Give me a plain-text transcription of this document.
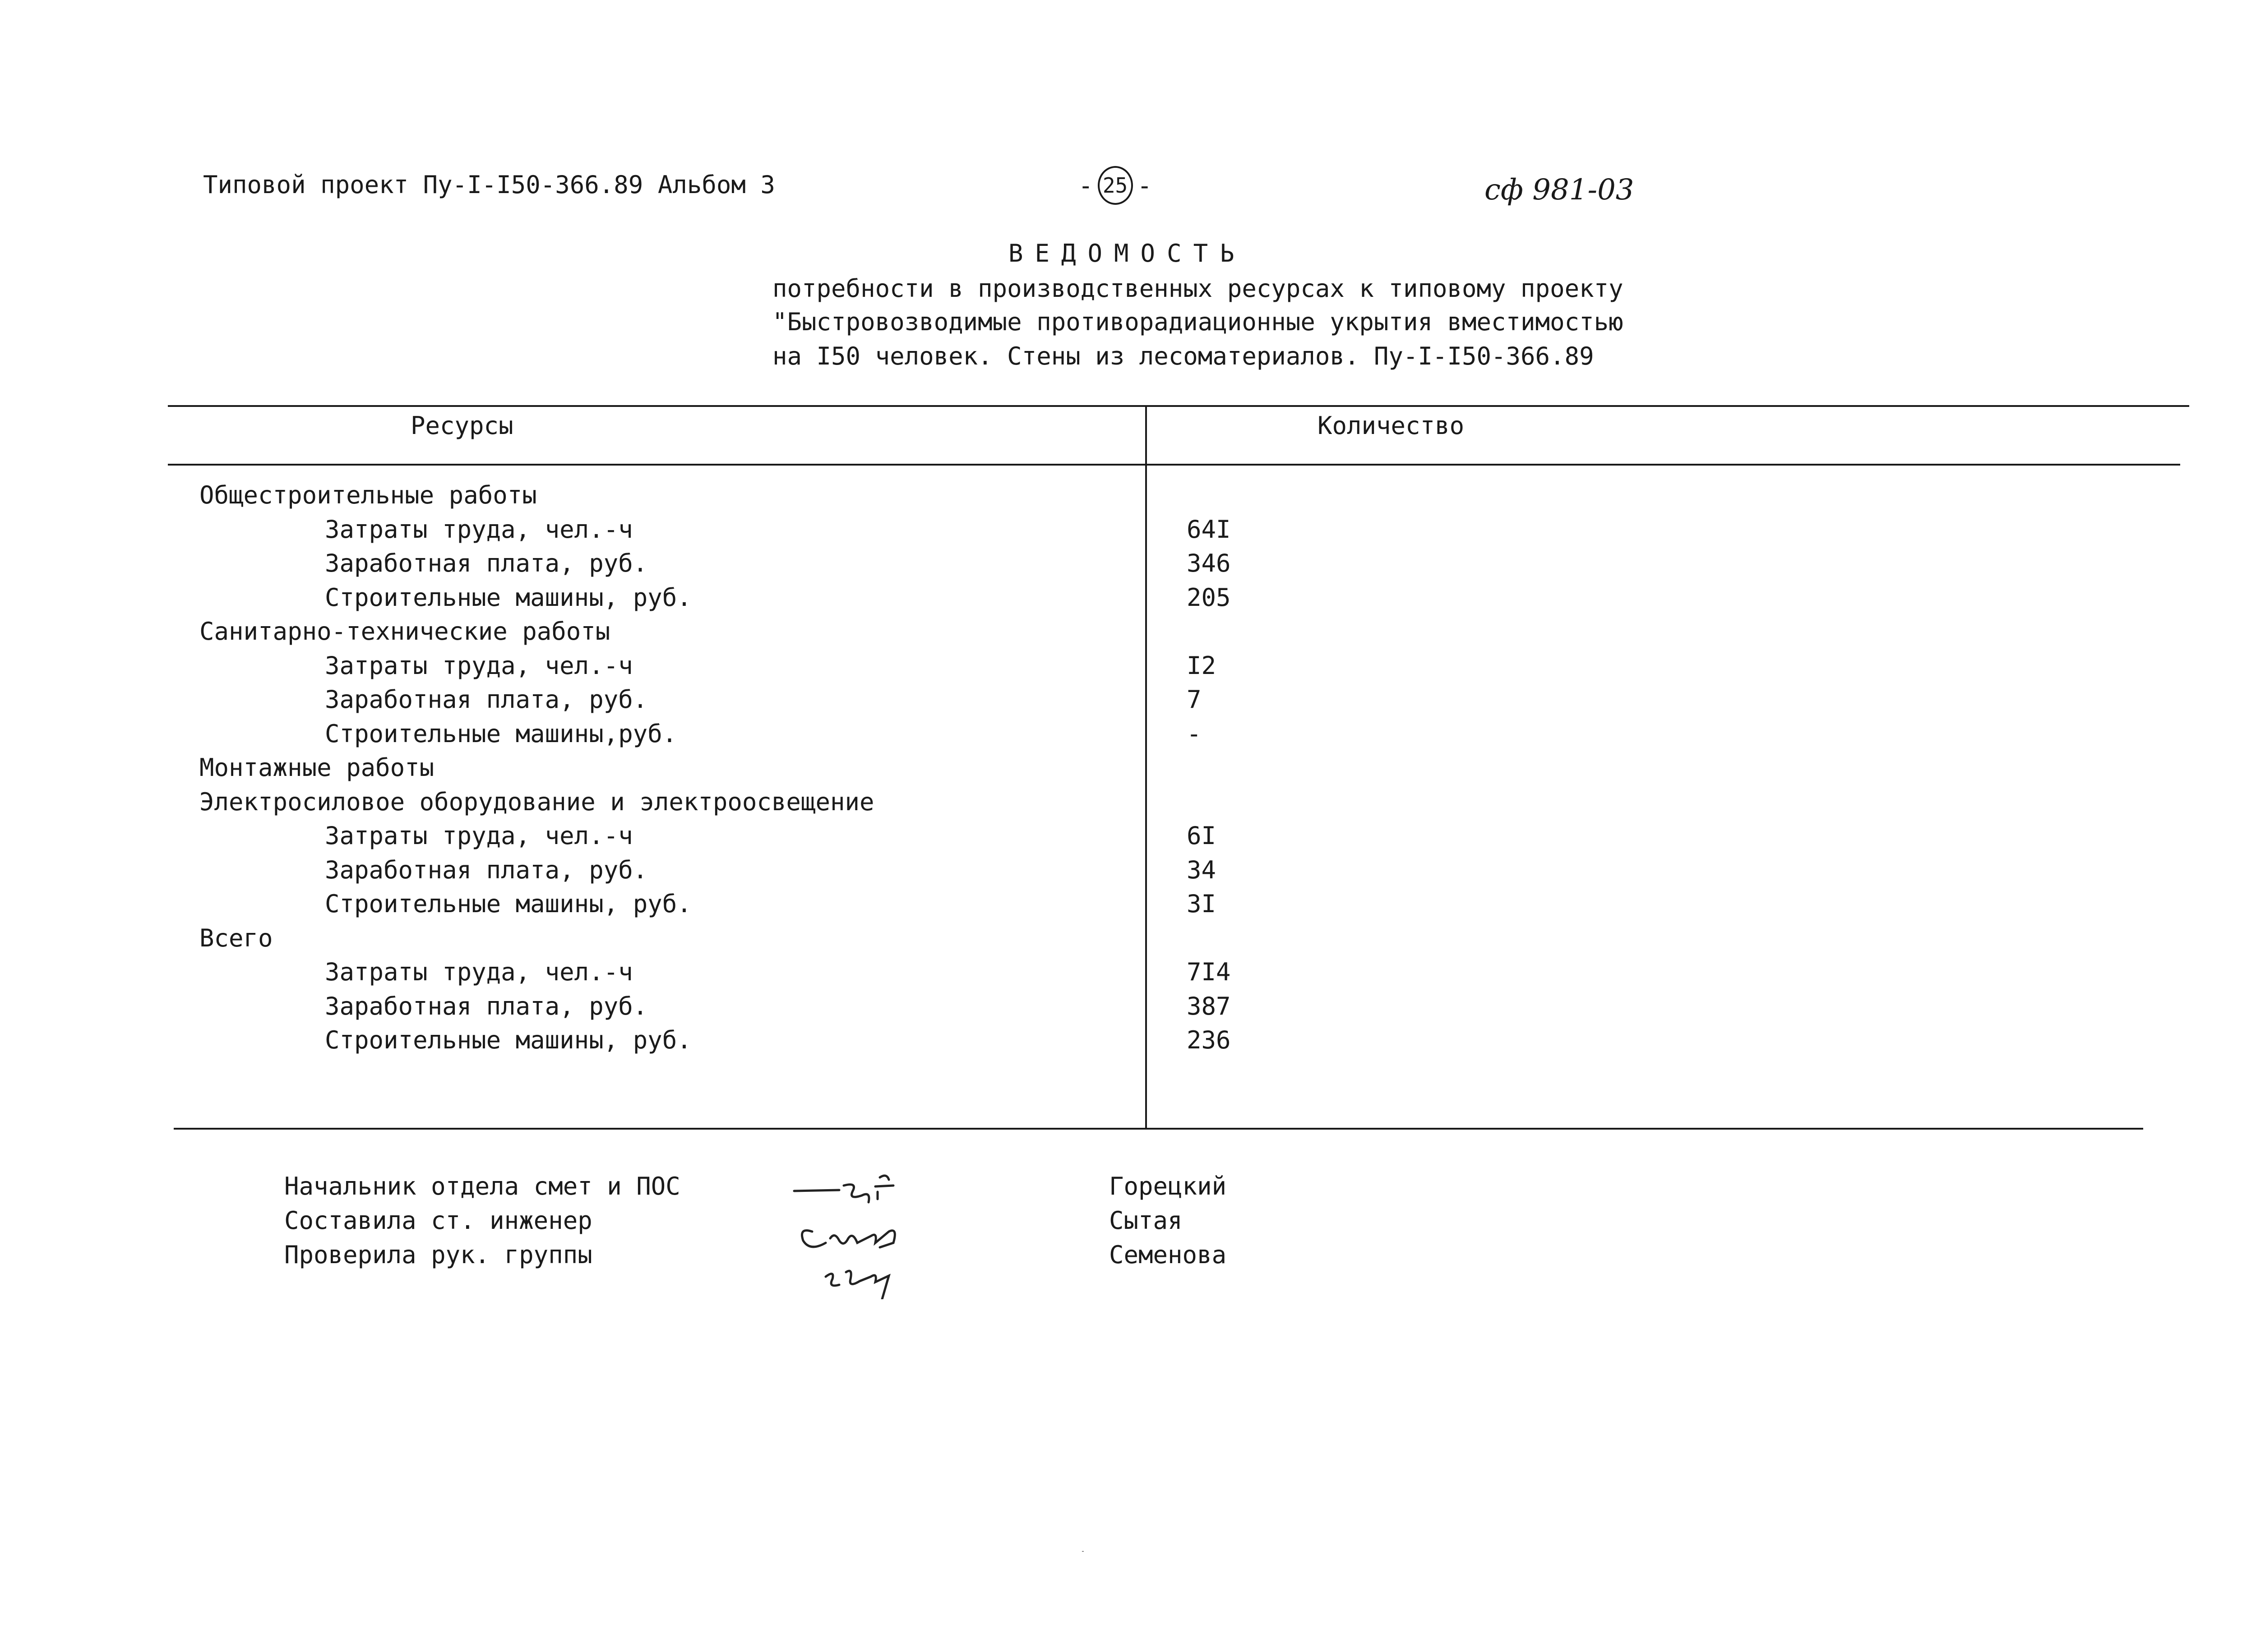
Типовой проект Пу-I-I50-366.89 Альбом 3	- 25 -	сф 981-03
ВЕДОМОСТЬ
потребности в производственных ресурсах к типовому проекту
"Быстровозводимые противорадиационные укрытия вместимостью
на I50 человек. Стены из лесоматериалов. Пу-I-I50-366.89
Ресурсы	Количество
Общестроительные работы
Затраты труда, чел.-ч	64I
Заработная плата, руб.	346
Строительные машины, руб.	205
Санитарно-технические работы
Затраты труда, чел.-ч	I2
Заработная плата, руб.	7
Строительные машины,руб.	-
Монтажные работы
Электросиловое оборудование и электроосвещение
Затраты труда, чел.-ч	6I
Заработная плата, руб.	34
Строительные машины, руб.	3I
Всего
Затраты труда, чел.-ч	7I4
Заработная плата, руб.	387
Строительные машины, руб.	236
Начальник отдела смет и ПОС	Горецкий
Составила ст. инженер	Сытая
Проверила рук. группы	Семенова
